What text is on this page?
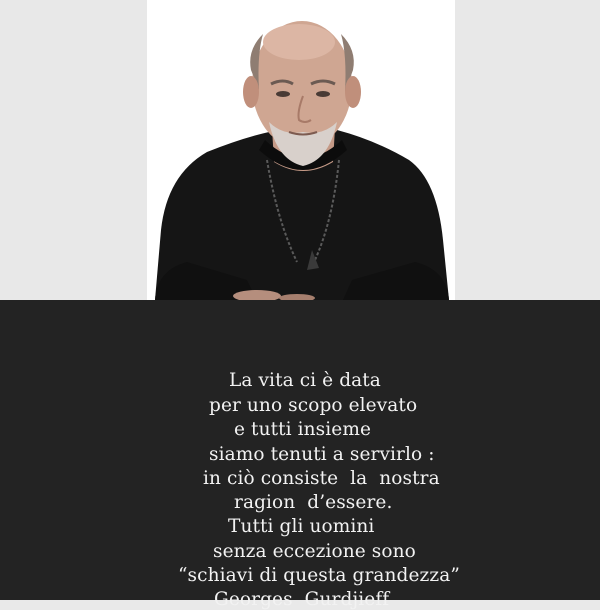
La vita ci è data
per uno scopo elevato
e tutti insieme
siamo tenuti a servirlo :
in ciò consiste  la  nostra
ragion  d’essere.
Tutti gli uomini
senza eccezione sono
“schiavi di questa grandezza”
Georges  Gurdjieff
